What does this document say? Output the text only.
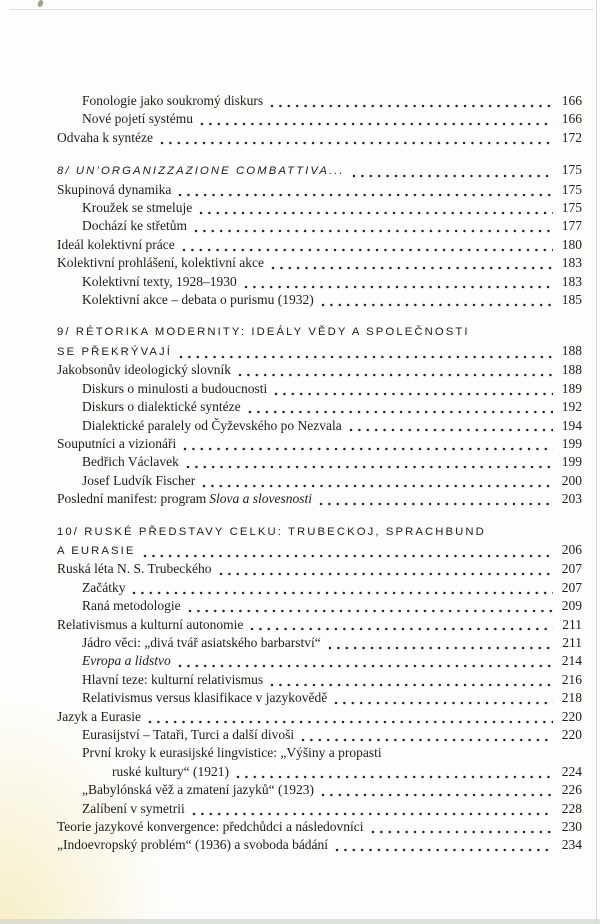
Fonologie jako soukromý diskurs	166
Nové pojetí systému	166
Odvaha k syntéze	172
8/ UN’ORGANIZZAZIONE COMBATTIVA...	175
Skupinová dynamika	175
Kroužek se stmeluje	175
Dochází ke střetům	177
Ideál kolektivní práce	180
Kolektivní prohlášení, kolektivní akce	183
Kolektivní texty, 1928–1930	183
Kolektivní akce – debata o purismu (1932)	185
9/ RÉTORIKA MODERNITY: IDEÁLY VĚDY A SPOLEČNOSTI
SE PŘEKRÝVAJÍ	188
Jakobsonův ideologický slovník	188
Diskurs o minulosti a budoucnosti	189
Diskurs o dialektické syntéze	192
Dialektické paralely od Čyževského po Nezvala	194
Souputníci a vizionáři	199
Bedřich Václavek	199
Josef Ludvík Fischer	200
Poslední manifest: program Slova a slovesnosti	203
10/ RUSKÉ PŘEDSTAVY CELKU: TRUBECKOJ, SPRACHBUND
A EURASIE	206
Ruská léta N. S. Trubeckého	207
Začátky	207
Raná metodologie	209
Relativismus a kulturní autonomie	211
Jádro věci: „divá tvář asiatského barbarství“	211
Evropa a lidstvo	214
Hlavní teze: kulturní relativismus	216
Relativismus versus klasifikace v jazykovědě	218
Jazyk a Eurasie	220
Eurasijství – Tataři, Turci a další divoši	220
První kroky k eurasijské lingvistice: „Výšiny a propasti
ruské kultury“ (1921)	224
„Babylónská věž a zmatení jazyků“ (1923)	226
Zalíbení v symetrii	228
Teorie jazykové konvergence: předchůdci a následovníci	230
„Indoevropský problém“ (1936) a svoboda bádání	234
